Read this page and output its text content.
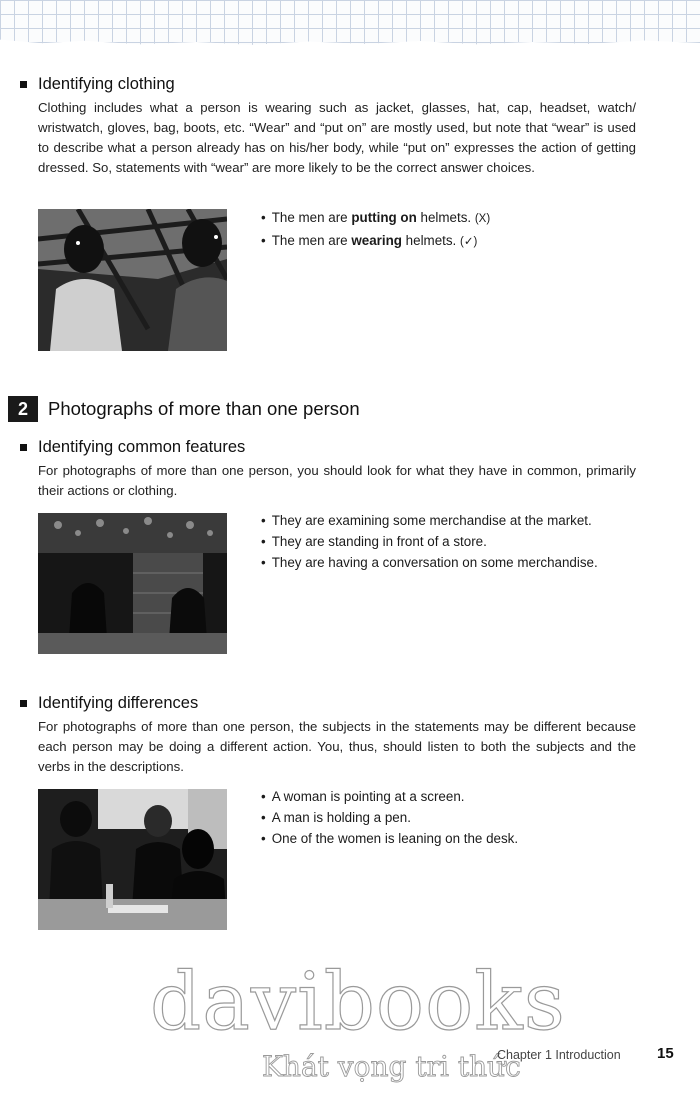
Identifying clothing

Clothing includes what a person is wearing such as jacket, glasses, hat, cap, headset, watch/ wristwatch, gloves, bag, boots, etc. “Wear” and “put on” are mostly used, but note that “wear” is used to describe what a person already has on his/her body, while “put on” expresses the action of getting dressed. So, statements with “wear” are more likely to be the correct answer choices.

• The men are putting on helmets. (X)
• The men are wearing helmets. (✓)
2	Photographs of more than one person
Identifying common features

For photographs of more than one person, you should look for what they have in common, primarily their actions or clothing.

• They are examining some merchandise at the market.
• They are standing in front of a store.
• They are having a conversation on some merchandise.
Identifying differences

For photographs of more than one person, the subjects in the statements may be different because each person may be doing a different action. You, thus, should listen to both the subjects and the verbs in the descriptions.

• A woman is pointing at a screen.
• A man is holding a pen.
• One of the women is leaning on the desk.
davibooks
Khát vọng tri thức
Chapter 1 Introduction 15
